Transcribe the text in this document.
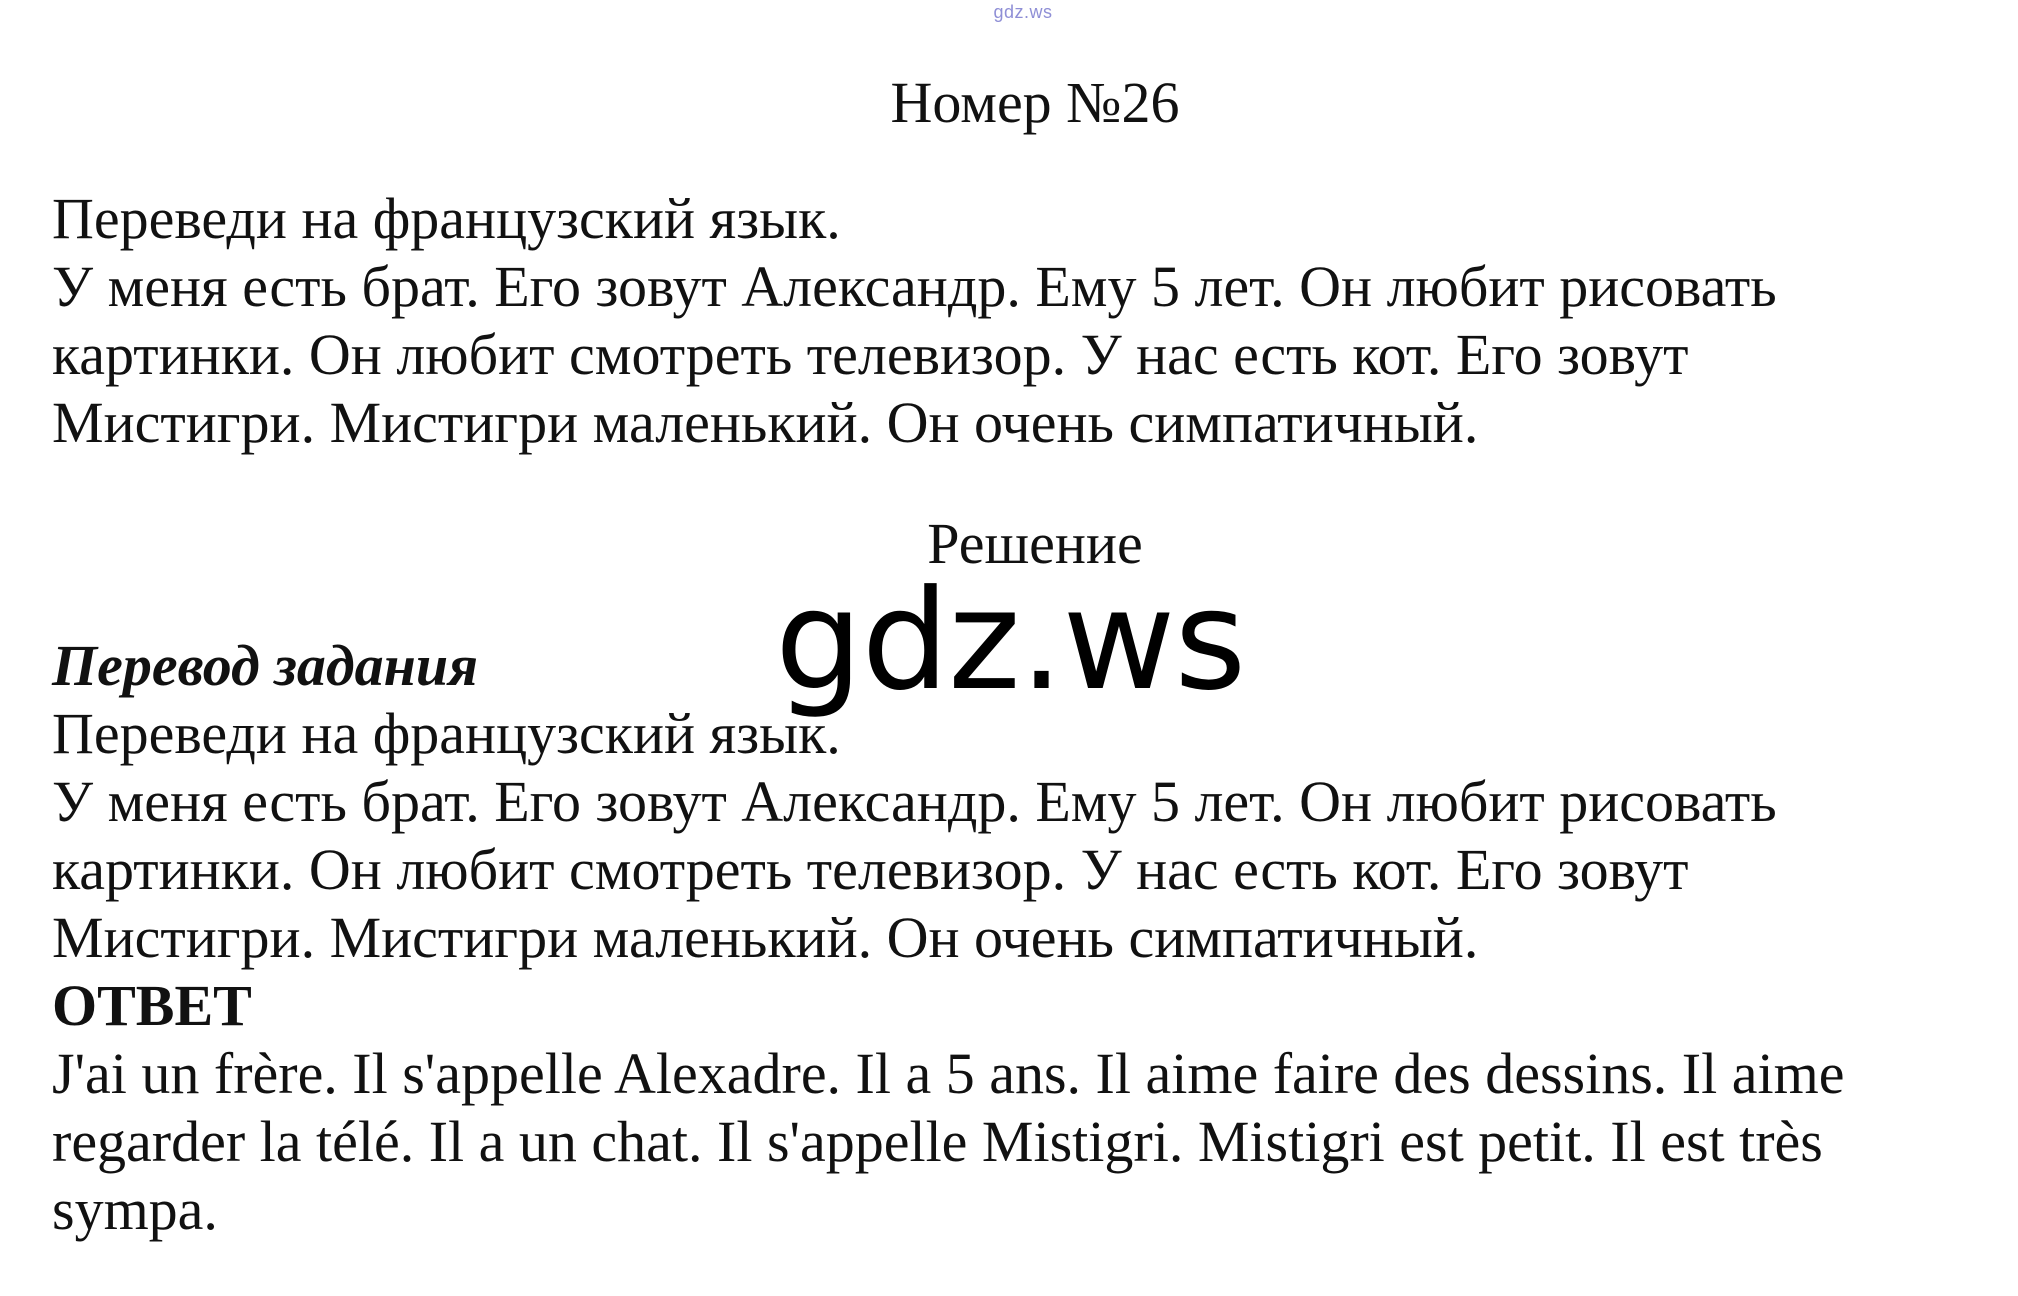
gdz.ws
Номер №26

Переведи на французский язык.

У меня есть брат. Его зовут Александр. Ему 5 лет. Он любит рисовать

картинки. Он любит смотреть телевизор. У нас есть кот. Его зовут

Мистигри. Мистигри маленький. Он очень симпатичный.

Решение

Перевод задания

Переведи на французский язык.

У меня есть брат. Его зовут Александр. Ему 5 лет. Он любит рисовать

картинки. Он любит смотреть телевизор. У нас есть кот. Его зовут

Мистигри. Мистигри маленький. Он очень симпатичный.

ОТВЕТ

J'ai un frère. Il s'appelle Alexadre. Il a 5 ans. Il aime faire des dessins. Il aime

regarder la télé. Il a un chat. Il s'appelle Mistigri. Mistigri est petit. Il est très

sympa.

gdz.ws
